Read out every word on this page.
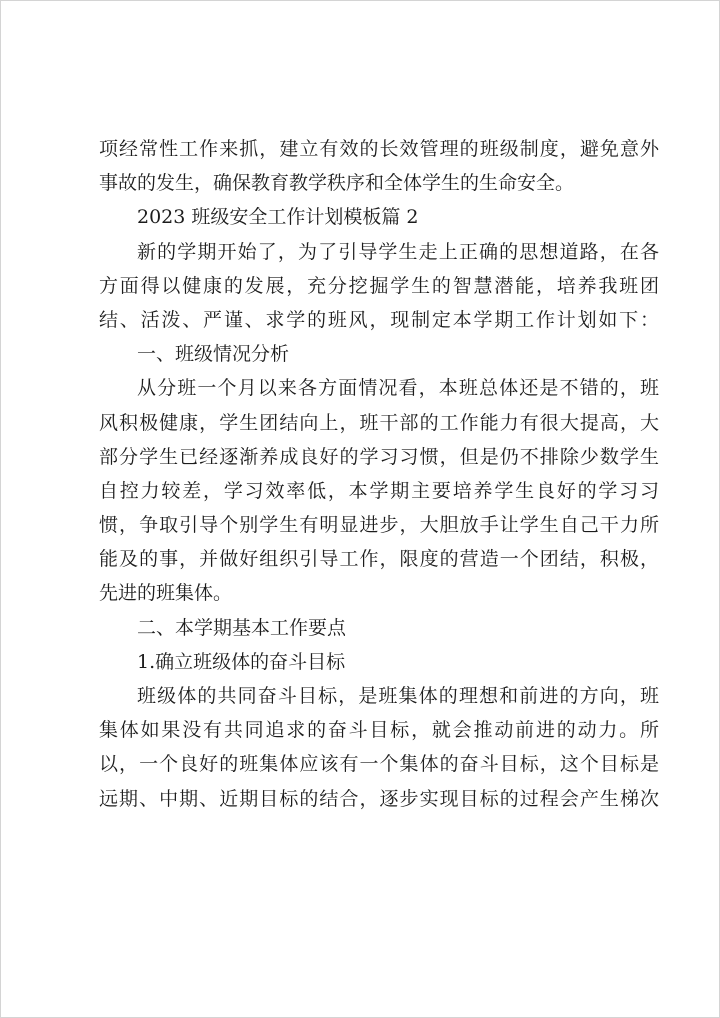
项经常性工作来抓，建立有效的长效管理的班级制度，避免意外
事故的发生，确保教育教学秩序和全体学生的生命安全。
2023 班级安全工作计划模板篇 2
新的学期开始了，为了引导学生走上正确的思想道路，在各
方面得以健康的发展，充分挖掘学生的智慧潜能，培养我班团
结、活泼、严谨、求学的班风，现制定本学期工作计划如下：
一、班级情况分析
从分班一个月以来各方面情况看，本班总体还是不错的，班
风积极健康，学生团结向上，班干部的工作能力有很大提高，大
部分学生已经逐渐养成良好的学习习惯，但是仍不排除少数学生
自控力较差，学习效率低，本学期主要培养学生良好的学习习
惯，争取引导个别学生有明显进步，大胆放手让学生自己干力所
能及的事，并做好组织引导工作，限度的营造一个团结，积极，
先进的班集体。
二、本学期基本工作要点
1.确立班级体的奋斗目标
班级体的共同奋斗目标，是班集体的理想和前进的方向，班
集体如果没有共同追求的奋斗目标，就会推动前进的动力。所
以，一个良好的班集体应该有一个集体的奋斗目标，这个目标是
远期、中期、近期目标的结合，逐步实现目标的过程会产生梯次
